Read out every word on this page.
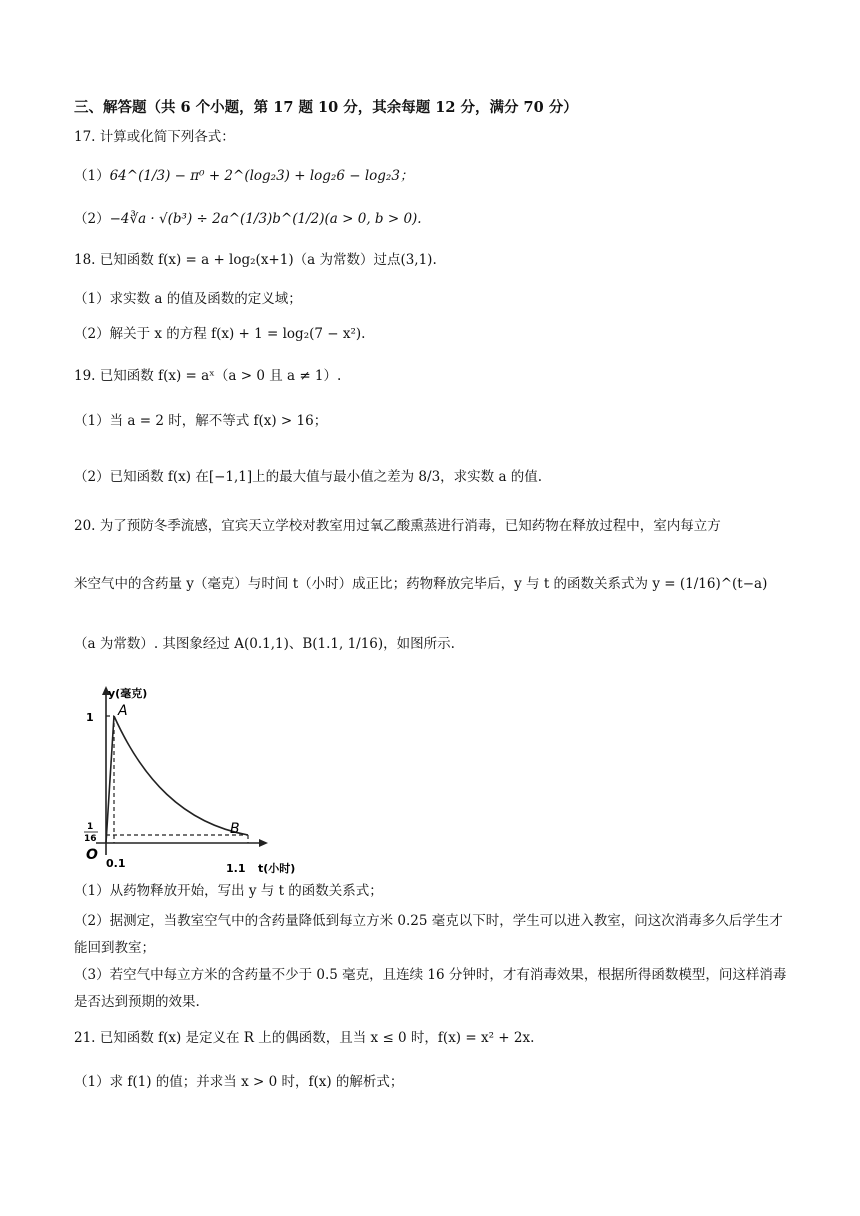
三、解答题（共 6 个小题，第 17 题 10 分，其余每题 12 分，满分 70 分）
17. 计算或化简下列各式：
（1）64^(1/3) − π⁰ + 2^(log₂3) + log₂6 − log₂3；
（2）−4∛a · √(b³) ÷ 2a^(1/3)b^(1/2)(a > 0, b > 0).
18. 已知函数 f(x) = a + log₂(x+1)（a 为常数）过点(3,1).
（1）求实数 a 的值及函数的定义域；
（2）解关于 x 的方程 f(x) + 1 = log₂(7 − x²).
19. 已知函数 f(x) = aˣ（a > 0 且 a ≠ 1）.
（1）当 a = 2 时，解不等式 f(x) > 16；
（2）已知函数 f(x) 在[−1,1]上的最大值与最小值之差为 8/3，求实数 a 的值.
20. 为了预防冬季流感，宜宾天立学校对教室用过氧乙酸熏蒸进行消毒，已知药物在释放过程中，室内每立方
米空气中的含药量 y（毫克）与时间 t（小时）成正比；药物释放完毕后，y 与 t 的函数关系式为 y = (1/16)^(t−a)
（a 为常数）. 其图象经过 A(0.1,1)、B(1.1, 1/16)，如图所示.
y(毫克)
t(小时)
A
B
1
1
16
O
0.1	1.1
（1）从药物释放开始，写出 y 与 t 的函数关系式；
（2）据测定，当教室空气中的含药量降低到每立方米 0.25 毫克以下时，学生可以进入教室，问这次消毒多久后学生才能回到教室；
（3）若空气中每立方米的含药量不少于 0.5 毫克，且连续 16 分钟时，才有消毒效果，根据所得函数模型，问这样消毒是否达到预期的效果.
21. 已知函数 f(x) 是定义在 R 上的偶函数，且当 x ≤ 0 时，f(x) = x² + 2x.
（1）求 f(1) 的值；并求当 x > 0 时，f(x) 的解析式；
